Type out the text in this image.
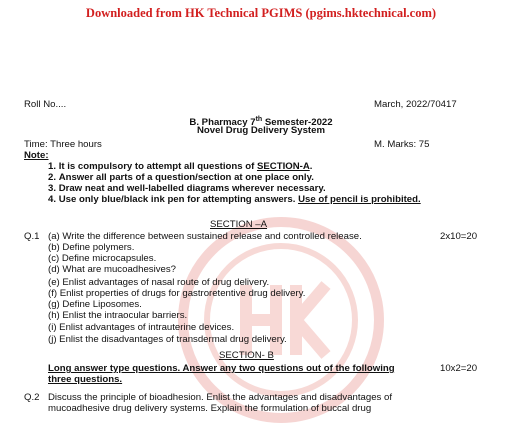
Downloaded from HK Technical PGIMS (pgims.hktechnical.com)
Roll No....	March, 2022/70417
B. Pharmacy 7th Semester-2022
Novel Drug Delivery System
Time: Three hours	M. Marks: 75
Note:
1. It is compulsory to attempt all questions of SECTION-A.
2. Answer all parts of a question/section at one place only.
3. Draw neat and well-labelled diagrams wherever necessary.
4. Use only blue/black ink pen for attempting answers. Use of pencil is prohibited.
SECTION –A
Q.1	2x10=20
(a) Write the difference between sustained release and controlled release.
(b) Define polymers.
(c) Define microcapsules.
(d) What are mucoadhesives?
(e) Enlist advantages of nasal route of drug delivery.
(f) Enlist properties of drugs for gastroretentive drug delivery.
(g) Define Liposomes.
(h) Enlist the intraocular barriers.
(i) Enlist advantages of intrauterine devices.
(j) Enlist the disadvantages of transdermal drug delivery.
SECTION- B
Long answer type questions. Answer any two questions out of the following
three questions.
10x2=20
Q.2 Discuss the principle of bioadhesion. Enlist the advantages and disadvantages of
mucoadhesive drug delivery systems. Explain the formulation of buccal drug
